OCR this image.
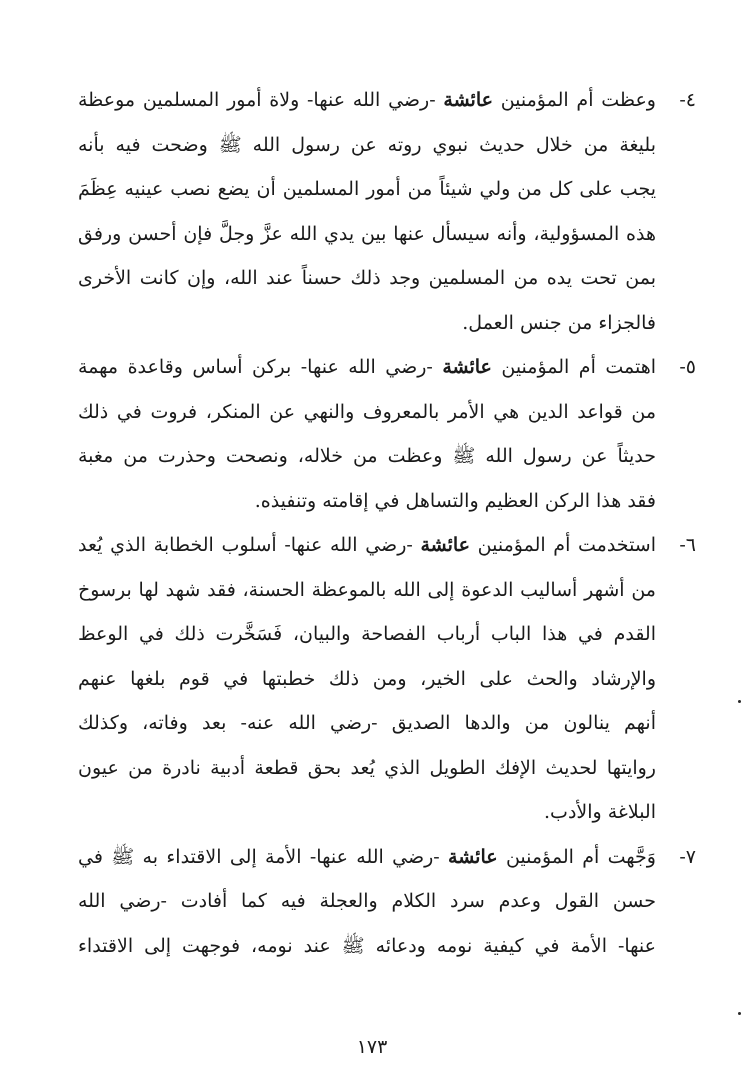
٤-وعظت أم المؤمنين عائشة -رضي الله عنها- ولاة أمور المسلمين موعظة
بليغة من خلال حديث نبوي روته عن رسول الله ﷺ وضحت فيه بأنه
يجب على كل من ولي شيئاً من أمور المسلمين أن يضع نصب عينيه عِظَمَ
هذه المسؤولية، وأنه سيسأل عنها بين يدي الله عزَّ وجلَّ فإن أحسن ورفق
بمن تحت يده من المسلمين وجد ذلك حسناً عند الله، وإن كانت الأخرى
فالجزاء من جنس العمل.
٥-اهتمت أم المؤمنين عائشة -رضي الله عنها- بركن أساس وقاعدة مهمة
من قواعد الدين هي الأمر بالمعروف والنهي عن المنكر، فروت في ذلك
حديثاً عن رسول الله ﷺ وعظت من خلاله، ونصحت وحذرت من مغبة
فقد هذا الركن العظيم والتساهل في إقامته وتنفيذه.
٦-استخدمت أم المؤمنين عائشة -رضي الله عنها- أسلوب الخطابة الذي يُعد
من أشهر أساليب الدعوة إلى الله بالموعظة الحسنة، فقد شهد لها برسوخ
القدم في هذا الباب أرباب الفصاحة والبيان، فَسَخَّرت ذلك في الوعظ
والإرشاد والحث على الخير، ومن ذلك خطبتها في قوم بلغها عنهم
أنهم ينالون من والدها الصديق -رضي الله عنه- بعد وفاته، وكذلك
روايتها لحديث الإفك الطويل الذي يُعد بحق قطعة أدبية نادرة من عيون
البلاغة والأدب.
٧-وَجَّهت أم المؤمنين عائشة -رضي الله عنها- الأمة إلى الاقتداء به ﷺ في
حسن القول وعدم سرد الكلام والعجلة فيه كما أفادت -رضي الله
عنها- الأمة في كيفية نومه ودعائه ﷺ عند نومه، فوجهت إلى الاقتداء
١٧٣
